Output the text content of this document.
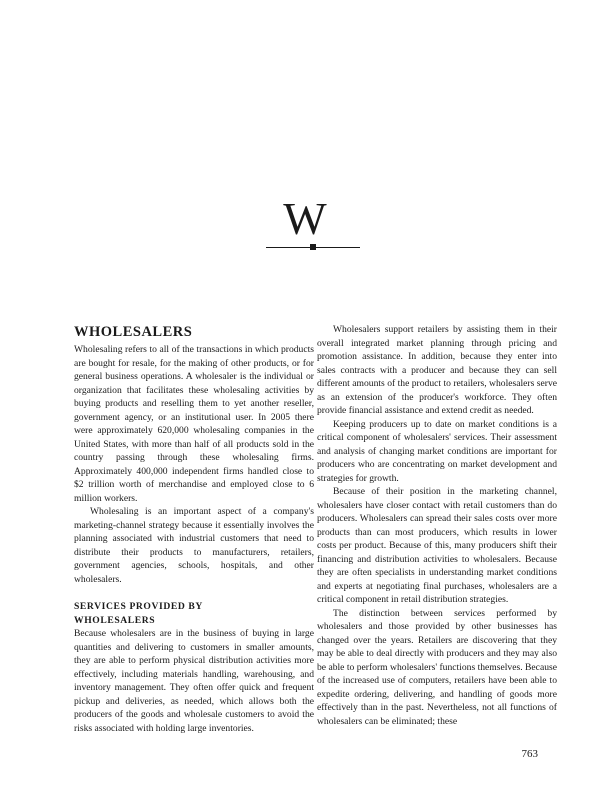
W
WHOLESALERS

Wholesaling refers to all of the transactions in which products are bought for resale, for the making of other products, or for general business operations. A wholesaler is the individual or organization that facilitates these wholesaling activities by buying products and reselling them to yet another reseller, government agency, or an institutional user. In 2005 there were approximately 620,000 wholesaling companies in the United States, with more than half of all products sold in the country passing through these wholesaling firms. Approximately 400,000 independent firms handled close to $2 trillion worth of merchandise and employed close to 6 million workers.

Wholesaling is an important aspect of a company's marketing-channel strategy because it essentially involves the planning associated with industrial customers that need to distribute their products to manufacturers, retailers, government agencies, schools, hospitals, and other wholesalers.

SERVICES PROVIDED BY
WHOLESALERS

Because wholesalers are in the business of buying in large quantities and delivering to customers in smaller amounts, they are able to perform physical distribution activities more effectively, including materials handling, warehousing, and inventory management. They often offer quick and frequent pickup and deliveries, as needed, which allows both the producers of the goods and wholesale customers to avoid the risks associated with holding large inventories.

Wholesalers support retailers by assisting them in their overall integrated market planning through pricing and promotion assistance. In addition, because they enter into sales contracts with a producer and because they can sell different amounts of the product to retailers, wholesalers serve as an extension of the producer's workforce. They often provide financial assistance and extend credit as needed.

Keeping producers up to date on market conditions is a critical component of wholesalers' services. Their assessment and analysis of changing market conditions are important for producers who are concentrating on market development and strategies for growth.

Because of their position in the marketing channel, wholesalers have closer contact with retail customers than do producers. Wholesalers can spread their sales costs over more products than can most producers, which results in lower costs per product. Because of this, many producers shift their financing and distribution activities to wholesalers. Because they are often specialists in understanding market conditions and experts at negotiating final purchases, wholesalers are a critical component in retail distribution strategies.

The distinction between services performed by wholesalers and those provided by other businesses has changed over the years. Retailers are discovering that they may be able to deal directly with producers and they may also be able to perform wholesalers' functions themselves. Because of the increased use of computers, retailers have been able to expedite ordering, delivering, and handling of goods more effectively than in the past. Nevertheless, not all functions of wholesalers can be eliminated; these

763
